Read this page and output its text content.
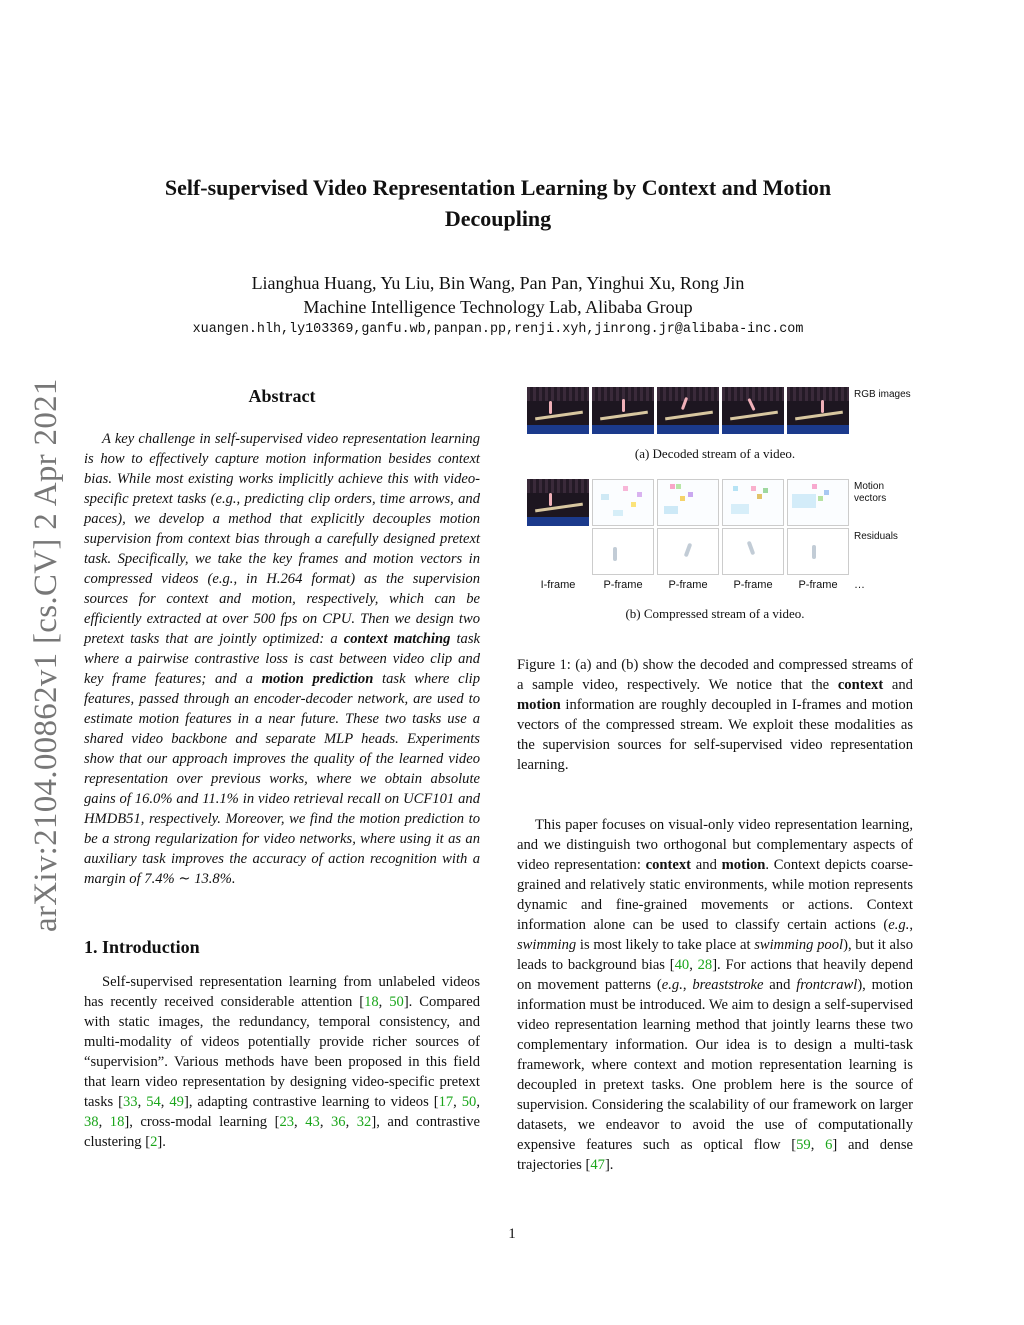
arXiv:2104.00862v1 [cs.CV] 2 Apr 2021
Self-supervised Video Representation Learning by Context and Motion
Decoupling
Lianghua Huang, Yu Liu, Bin Wang, Pan Pan, Yinghui Xu, Rong Jin
Machine Intelligence Technology Lab, Alibaba Group
xuangen.hlh,ly103369,ganfu.wb,panpan.pp,renji.xyh,jinrong.jr@alibaba-inc.com
Abstract

A key challenge in self-supervised video representation learning is how to effectively capture motion information besides context bias. While most existing works implicitly achieve this with video-specific pretext tasks (e.g., predicting clip orders, time arrows, and paces), we develop a method that explicitly decouples motion supervision from context bias through a carefully designed pretext task. Specifically, we take the key frames and motion vectors in compressed videos (e.g., in H.264 format) as the supervision sources for context and motion, respectively, which can be efficiently extracted at over 500 fps on CPU. Then we design two pretext tasks that are jointly optimized: a context matching task where a pairwise contrastive loss is cast between video clip and key frame features; and a motion prediction task where clip features, passed through an encoder-decoder network, are used to estimate motion features in a near future. These two tasks use a shared video backbone and separate MLP heads. Experiments show that our approach improves the quality of the learned video representation over previous works, where we obtain absolute gains of 16.0% and 11.1% in video retrieval recall on UCF101 and HMDB51, respectively. Moreover, we find the motion prediction to be a strong regularization for video networks, where using it as an auxiliary task improves the accuracy of action recognition with a margin of 7.4% ∼ 13.8%.

1. Introduction

Self-supervised representation learning from unlabeled videos has recently received considerable attention [18, 50]. Compared with static images, the redundancy, temporal consistency, and multi-modality of videos potentially provide richer sources of “supervision”. Various methods have been proposed in this field that learn video representation by designing video-specific pretext tasks [33, 54, 49], adapting contrastive learning to videos [17, 50, 38, 18], cross-modal learning [23, 43, 36, 32], and contrastive clustering [2].

RGB images
(a) Decoded stream of a video.
Motion vectors
Residuals
I-frame	P-frame	P-frame	P-frame	P-frame	…
(b) Compressed stream of a video.

Figure 1: (a) and (b) show the decoded and compressed streams of a sample video, respectively. We notice that the context and motion information are roughly decoupled in I-frames and motion vectors of the compressed stream. We exploit these modalities as the supervision sources for self-supervised video representation learning.

This paper focuses on visual-only video representation learning, and we distinguish two orthogonal but complementary aspects of video representation: context and motion. Context depicts coarse-grained and relatively static environments, while motion represents dynamic and fine-grained movements or actions. Context information alone can be used to classify certain actions (e.g., swimming is most likely to take place at swimming pool), but it also leads to background bias [40, 28]. For actions that heavily depend on movement patterns (e.g., breaststroke and frontcrawl), motion information must be introduced. We aim to design a self-supervised video representation learning method that jointly learns these two complementary information. Our idea is to design a multi-task framework, where context and motion representation learning is decoupled in pretext tasks. One problem here is the source of supervision. Considering the scalability of our framework on larger datasets, we endeavor to avoid the use of computationally expensive features such as optical flow [59, 6] and dense trajectories [47].

1
